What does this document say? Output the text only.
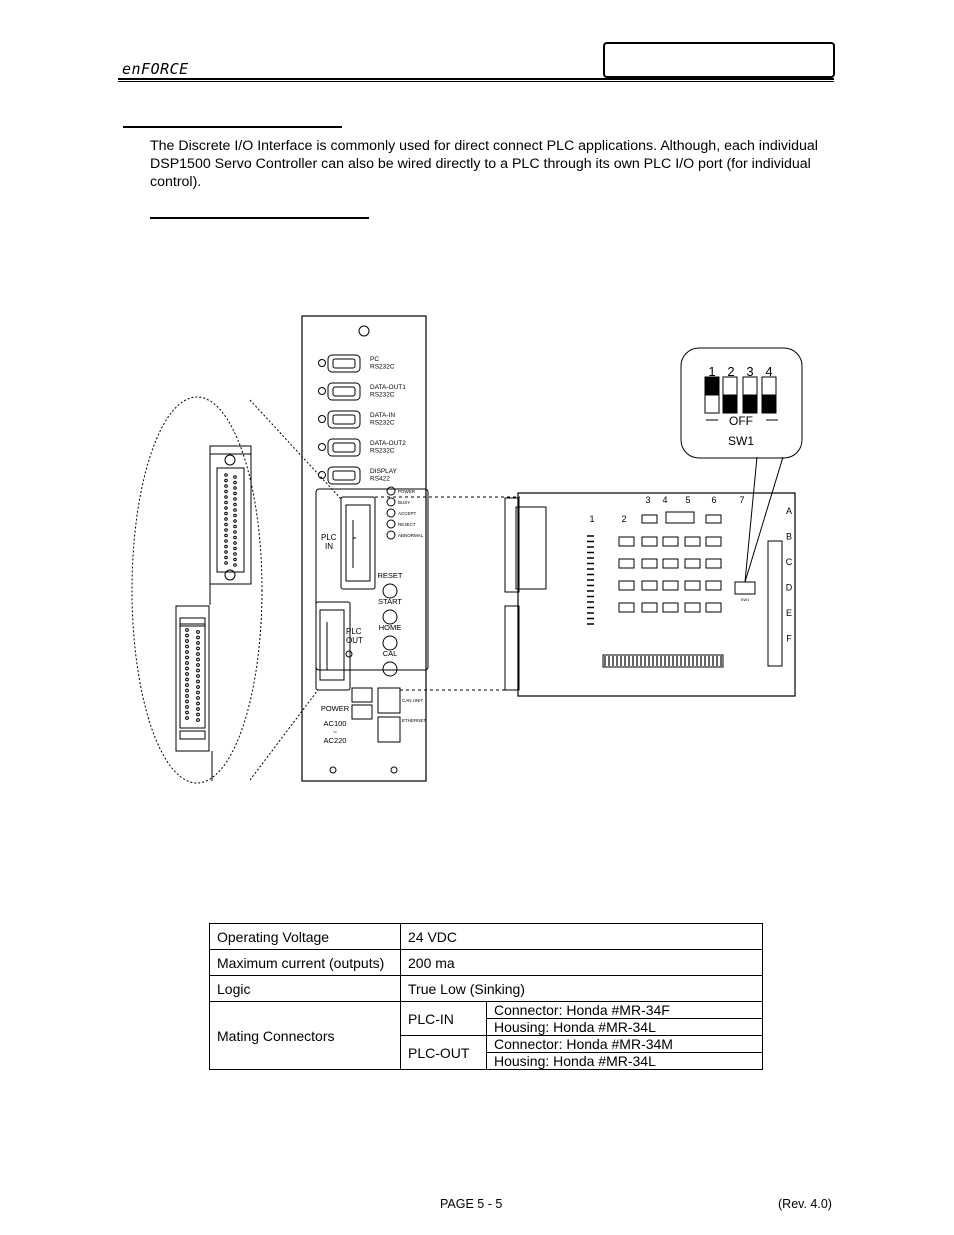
enFORCE
The Discrete I/O Interface is commonly used for direct connect PLC applications. Although, each individual DSP1500 Servo Controller can also be wired directly to a PLC through its own PLC I/O port (for individual control).
PC RS232C
DATA-OUT1 RS232C
DATA-IN RS232C
DATA-OUT2 RS232C
DISPLAY RS422
PLC IN
POWER
BUSY
ACCEPT
REJECT
ABNORMAL
PLC OUT
RESET
START
HOME
CAL
POWER
AC100 ~ AC220
CAN UNIT
ETHERNET
1	2
3 4 5 6	7
A
B
C
D
E
F
SW1
1 2 3 4
OFF
SW1
Operating Voltage	24 VDC	
Maximum current (outputs)	200 ma	
Logic	True Low (Sinking)	
Mating Connectors	PLC-IN	Connector: Honda #MR-34F
		Housing: Honda #MR-34L
	PLC-OUT	Connector: Honda #MR-34M
		Housing: Honda #MR-34L
PAGE 5 - 5	(Rev. 4.0)
